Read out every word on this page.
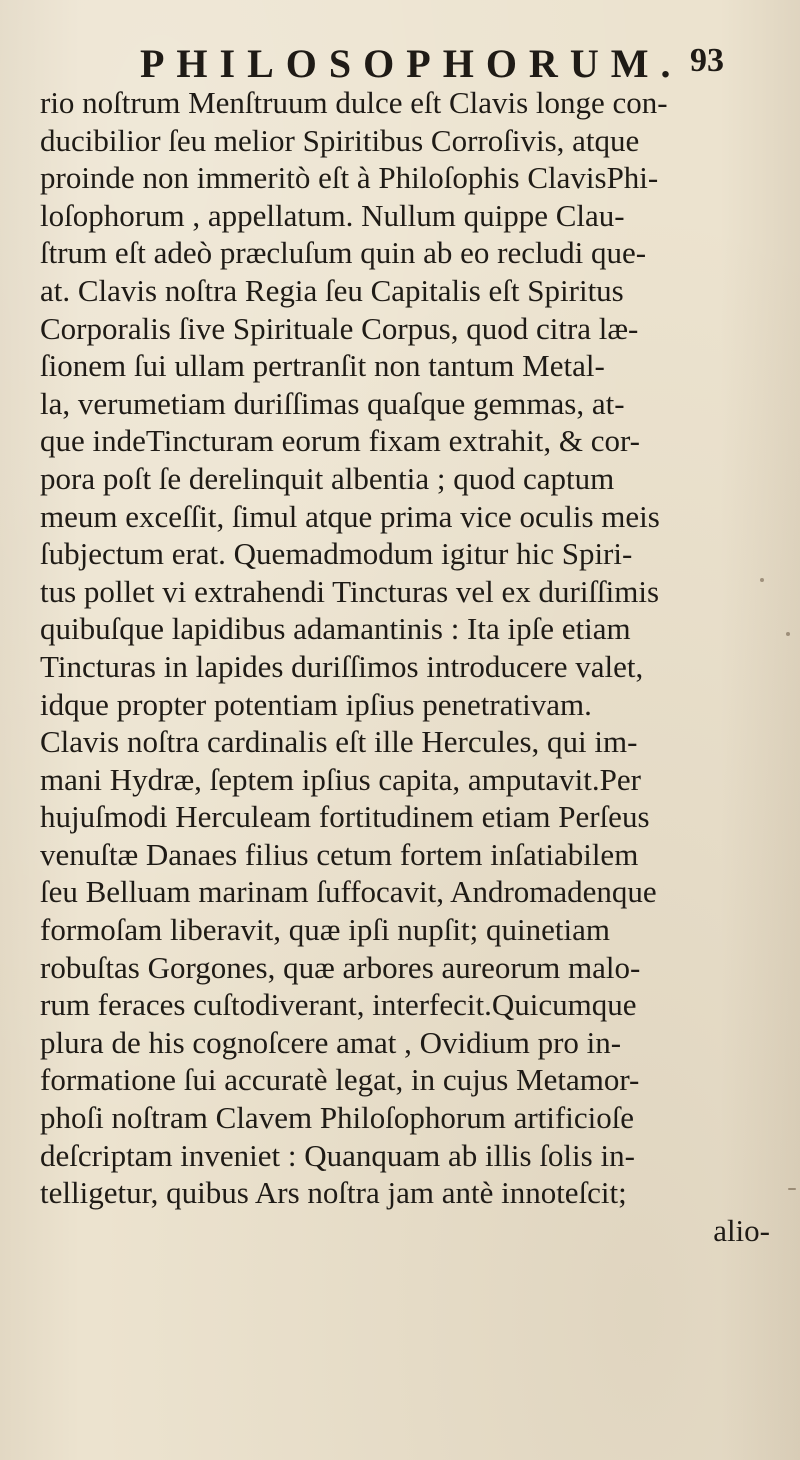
PHILOSOPHORUM. 93
rio noſtrum Menſtruum dulce eſt Clavis longe con-
ducibilior ſeu melior Spiritibus Corroſivis, atque
proinde non immeritò eſt à Philoſophis ClavisPhi-
loſophorum , appellatum. Nullum quippe Clau-
ſtrum eſt adeò præcluſum quin ab eo recludi que-
at. Clavis noſtra Regia ſeu Capitalis eſt Spiritus
Corporalis ſive Spirituale Corpus, quod citra læ-
ſionem ſui ullam pertranſit non tantum Metal-
la, verumetiam duriſſimas quaſque gemmas, at-
que indeTincturam eorum fixam extrahit, & cor-
pora poſt ſe derelinquit albentia ; quod captum
meum exceſſit, ſimul atque prima vice oculis meis
ſubjectum erat. Quemadmodum igitur hic Spiri-
tus pollet vi extrahendi Tincturas vel ex duriſſimis
quibuſque lapidibus adamantinis : Ita ipſe etiam
Tincturas in lapides duriſſimos introducere valet,
idque propter potentiam ipſius penetrativam.
Clavis noſtra cardinalis eſt ille Hercules, qui im-
mani Hydræ, ſeptem ipſius capita, amputavit.Per
hujuſmodi Herculeam fortitudinem etiam Perſeus
venuſtæ Danaes filius cetum fortem inſatiabilem
ſeu Belluam marinam ſuffocavit, Andromadenque
formoſam liberavit, quæ ipſi nupſit; quinetiam
robuſtas Gorgones, quæ arbores aureorum malo-
rum feraces cuſtodiverant, interfecit.Quicumque
plura de his cognoſcere amat , Ovidium pro in-
formatione ſui accuratè legat, in cujus Metamor-
phoſi noſtram Clavem Philoſophorum artificioſe
deſcriptam inveniet : Quanquam ab illis ſolis in-
telligetur, quibus Ars noſtra jam antè innoteſcit;
alio-
